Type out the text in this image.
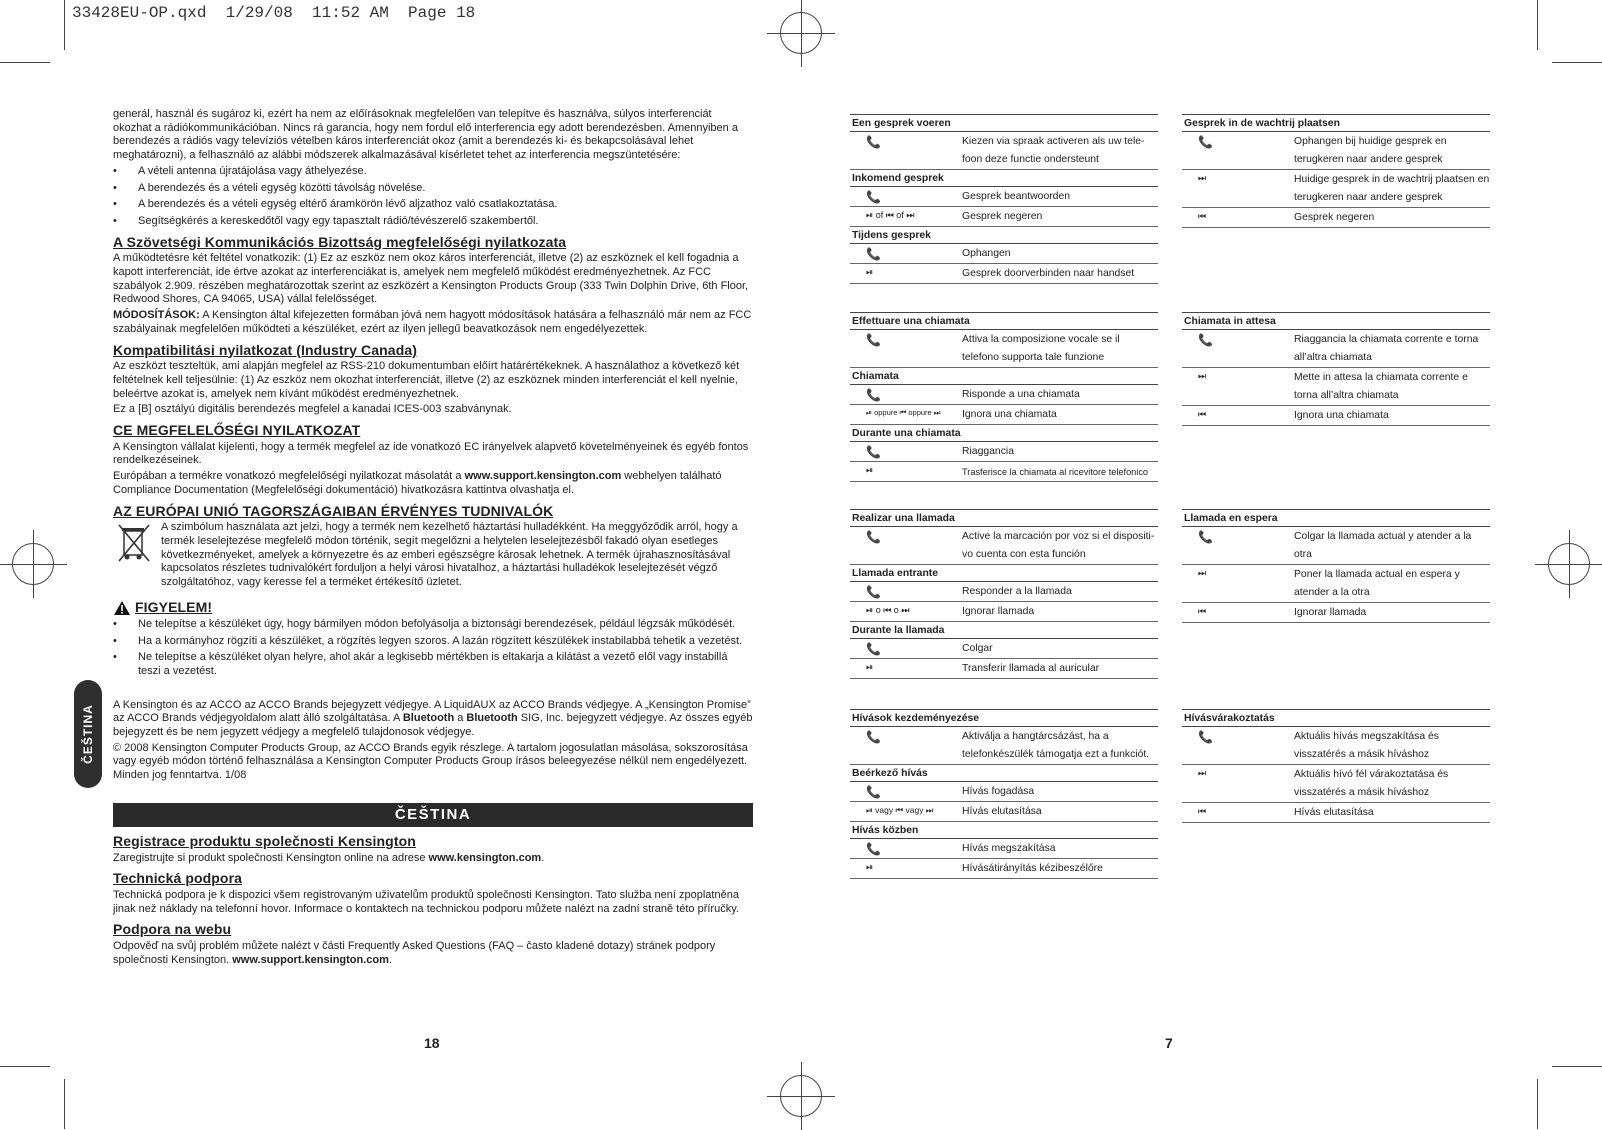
33428EU-OP.qxd  1/29/08  11:52 AM  Page 18

generál, használ és sugároz ki, ezért ha nem az előírásoknak megfelelően van telepítve és használva, súlyos interferenciát okozhat a rádiókommunikációban. Nincs rá garancia, hogy nem fordul elő interferencia egy adott berendezésben. Amennyiben a berendezés a rádiós vagy televíziós vételben káros interferenciát okoz (amit a berendezés ki- és bekapcsolásával lehet meghatározni), a felhasználó az alábbi módszerek alkalmazásával kísérletet tehet az interferencia megszüntetésére:

• A vételi antenna újratájolása vagy áthelyezése.
• A berendezés és a vételi egység közötti távolság növelése.
• A berendezés és a vételi egység eltérő áramkörön lévő aljzathoz való csatlakoztatása.
• Segítségkérés a kereskedőtől vagy egy tapasztalt rádió/tévészerelő szakembertől.
A Szövetségi Kommunikációs Bizottság megfelelőségi nyilatkozata

A működtetésre két feltétel vonatkozik: (1) Ez az eszköz nem okoz káros interferenciát, illetve (2) az eszköznek el kell fogadnia a kapott interferenciát, ide értve azokat az interferenciákat is, amelyek nem megfelelő működést eredményezhetnek. Az FCC szabályok 2.909. részében meghatározottak szerint az eszközért a Kensington Products Group (333 Twin Dolphin Drive, 6th Floor, Redwood Shores, CA 94065, USA) vállal felelősséget.

MÓDOSÍTÁSOK: A Kensington által kifejezetten formában jóvá nem hagyott módosítások hatására a felhasználó már nem az FCC szabályainak megfelelően működteti a készüléket, ezért az ilyen jellegű beavatkozások nem engedélyezettek.

Kompatibilitási nyilatkozat (Industry Canada)

Az eszközt teszteltük, ami alapján megfelel az RSS-210 dokumentumban előírt határértékeknek. A használathoz a következő két feltételnek kell teljesülnie: (1) Az eszköz nem okozhat interferenciát, illetve (2) az eszköznek minden interferenciát el kell nyelnie, beleértve azokat is, amelyek nem kívánt működést eredményezhetnek.

Ez a [B] osztályú digitális berendezés megfelel a kanadai ICES-003 szabványnak.

CE MEGFELELŐSÉGI NYILATKOZAT

A Kensington vállalat kijelenti, hogy a termék megfelel az ide vonatkozó EC irányelvek alapvető követelményeinek és egyéb fontos rendelkezéseinek.

Európában a termékre vonatkozó megfelelőségi nyilatkozat másolatát a www.support.kensington.com webhelyen található Compliance Documentation (Megfelelőségi dokumentáció) hivatkozásra kattintva olvashatja el.

AZ EURÓPAI UNIÓ TAGORSZÁGAIBAN ÉRVÉNYES TUDNIVALÓK

A szimbólum használata azt jelzi, hogy a termék nem kezelhető háztartási hulladékként. Ha meggyőződik arról, hogy a termék leselejtezése megfelelő módon történik, segít megelőzni a helytelen leselejtezésből fakadó olyan esetleges következményeket, amelyek a környezetre és az emberi egészségre károsak lehetnek. A termék újrahasznosításával kapcsolatos részletes tudnivalókért forduljon a helyi városi hivatalhoz, a háztartási hulladékok leselejtezését végző szolgáltatóhoz, vagy keresse fel a terméket értékesítő üzletet.

FIGYELEM!
• Ne telepítse a készüléket úgy, hogy bármilyen módon befolyásolja a biztonsági berendezések, például légzsák működését.
• Ha a kormányhoz rögzíti a készüléket, a rögzítés legyen szoros. A lazán rögzített készülékek instabilabbá tehetik a vezetést.
• Ne telepítse a készüléket olyan helyre, ahol akár a legkisebb mértékben is eltakarja a kilátást a vezető elől vagy instabillá teszi a vezetést.

A Kensington és az ACCO az ACCO Brands bejegyzett védjegye. A LiquidAUX az ACCO Brands védjegye. A „Kensington Promise” az ACCO Brands védjegyoldalom alatt álló szolgáltatása. A Bluetooth a Bluetooth SIG, Inc. bejegyzett védjegye. Az összes egyéb bejegyzett és be nem jegyzett védjegy a megfelelő tulajdonosok védjegye.

© 2008 Kensington Computer Products Group, az ACCO Brands egyik részlege. A tartalom jogosulatlan másolása, sokszorosítása vagy egyéb módon történő felhasználása a Kensington Computer Products Group írásos beleegyezése nélkül nem engedélyezett. Minden jog fenntartva. 1/08

ČEŠTINA
Registrace produktu společnosti Kensington

Zaregistrujte si produkt společnosti Kensington online na adrese www.kensington.com.

Technická podpora

Technická podpora je k dispozici všem registrovaným uživatelům produktů společnosti Kensington. Tato služba není zpoplatněna jinak než náklady na telefonní hovor. Informace o kontaktech na technickou podporu můžete nalézt na zadní straně této příručky.

Podpora na webu

Odpověď na svůj problém můžete nalézt v části Frequently Asked Questions (FAQ – často kladené dotazy) stránek podpory společnosti Kensington. www.support.kensington.com.

ČEŠTINA
18	7
Een gesprek voeren
📞	Kiezen via spraak activeren als uw tele-foon deze functie ondersteunt
Inkomend gesprek
📞	Gesprek beantwoorden
⏯ of ⏮ of ⏭	Gesprek negeren
Tijdens gesprek
📞	Ophangen
⏯	Gesprek doorverbinden naar handset
Gesprek in de wachtrij plaatsen
📞	Ophangen bij huidige gesprek en terugkeren naar andere gesprek
⏭	Huidige gesprek in de wachtrij plaatsen en terugkeren naar andere gesprek
⏮	Gesprek negeren
Effettuare una chiamata
📞	Attiva la composizione vocale se il telefono supporta tale funzione
Chiamata
📞	Risponde a una chiamata
⏯ oppure ⏮ oppure ⏭	Ignora una chiamata
Durante una chiamata
📞	Riaggancia
⏯	Trasferisce la chiamata al ricevitore telefonico
Chiamata in attesa
📞	Riaggancia la chiamata corrente e torna all’altra chiamata
⏭	Mette in attesa la chiamata corrente e torna all’altra chiamata
⏮	Ignora una chiamata
Realizar una llamada
📞	Active la marcación por voz si el dispositi-vo cuenta con esta función
Llamada entrante
📞	Responder a la llamada
⏯ o ⏮ o ⏭	Ignorar llamada
Durante la llamada
📞	Colgar
⏯	Transferir llamada al auricular
Llamada en espera
📞	Colgar la llamada actual y atender a la otra
⏭	Poner la llamada actual en espera y atender a la otra
⏮	Ignorar llamada
Hívások kezdeményezése
📞	Aktiválja a hangtárcsázást, ha a telefonkészülék támogatja ezt a funkciót.
Beérkező hívás
📞	Hívás fogadása
⏯ vagy ⏮ vagy ⏭	Hívás elutasítása
Hívás közben
📞	Hívás megszakítása
⏯	Hívásátirányítás kézibeszélőre
Hívásvárakoztatás
📞	Aktuális hívás megszakítása és visszatérés a másik híváshoz
⏭	Aktuális hívó fél várakoztatása és visszatérés a másik híváshoz
⏮	Hívás elutasítása
